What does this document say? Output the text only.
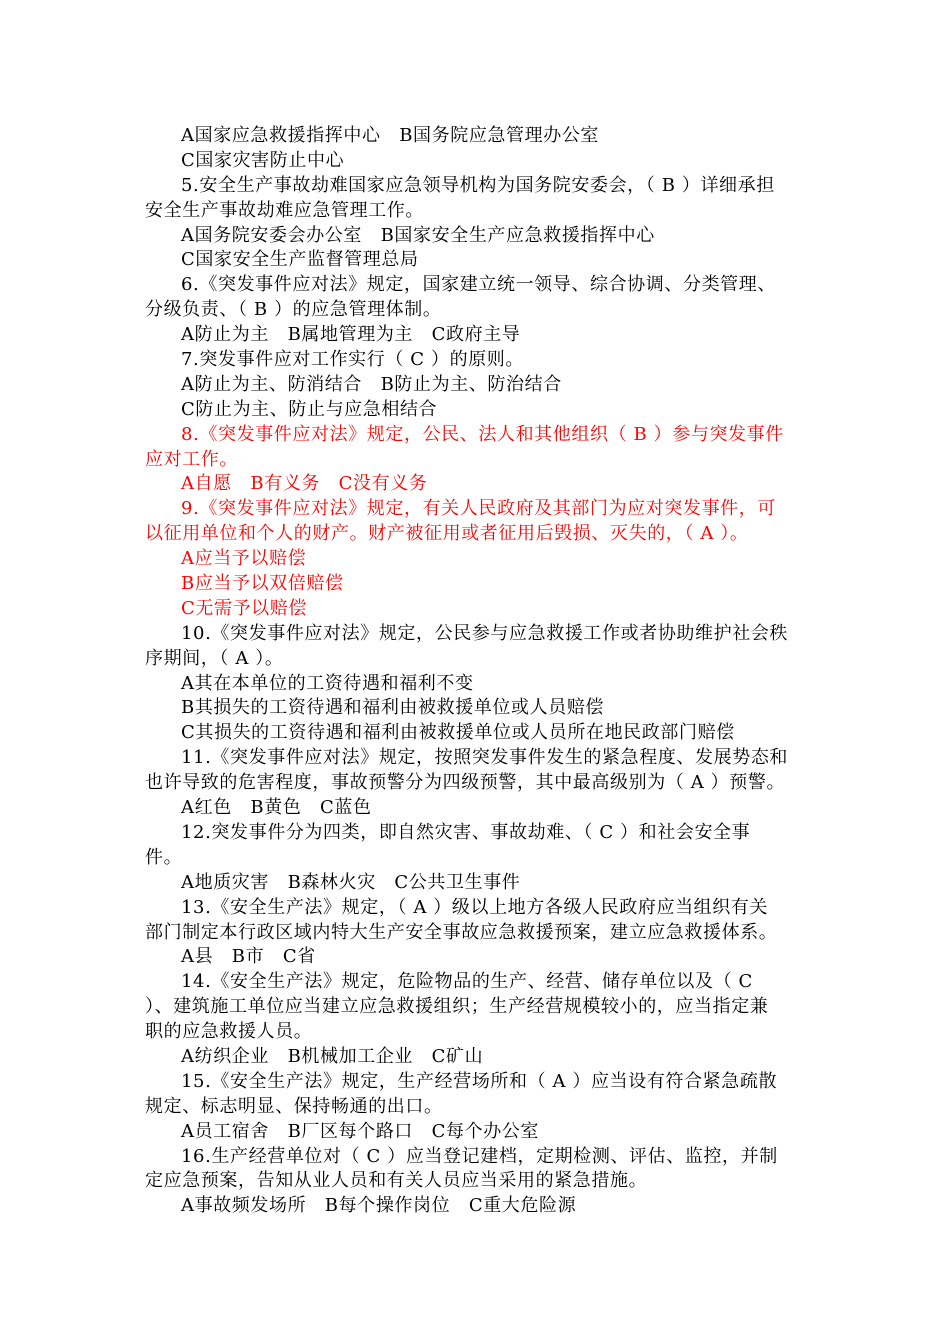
A国家应急救援指挥中心　B国务院应急管理办公室
C国家灾害防止中心
5.安全生产事故劫难国家应急领导机构为国务院安委会，（ B ）详细承担
安全生产事故劫难应急管理工作。
A国务院安委会办公室　B国家安全生产应急救援指挥中心
C国家安全生产监督管理总局
6.《突发事件应对法》规定，国家建立统一领导、综合协调、分类管理、
分级负责、（ B ）的应急管理体制。
A防止为主　B属地管理为主　C政府主导
7.突发事件应对工作实行（ C ）的原则。
A防止为主、防消结合　B防止为主、防治结合
C防止为主、防止与应急相结合
8.《突发事件应对法》规定，公民、法人和其他组织（ B ）参与突发事件
应对工作。
A自愿　B有义务　C没有义务
9.《突发事件应对法》规定，有关人民政府及其部门为应对突发事件，可
以征用单位和个人的财产。财产被征用或者征用后毁损、灭失的，（ A ）。
A应当予以赔偿
B应当予以双倍赔偿
C无需予以赔偿
10.《突发事件应对法》规定，公民参与应急救援工作或者协助维护社会秩
序期间，（ A ）。
A其在本单位的工资待遇和福利不变
B其损失的工资待遇和福利由被救援单位或人员赔偿
C其损失的工资待遇和福利由被救援单位或人员所在地民政部门赔偿
11.《突发事件应对法》规定，按照突发事件发生的紧急程度、发展势态和
也许导致的危害程度，事故预警分为四级预警，其中最高级别为（ A ）预警。
A红色　B黄色　C蓝色
12.突发事件分为四类，即自然灾害、事故劫难、（ C ）和社会安全事
件。
A地质灾害　B森林火灾　C公共卫生事件
13.《安全生产法》规定，（ A ）级以上地方各级人民政府应当组织有关
部门制定本行政区域内特大生产安全事故应急救援预案，建立应急救援体系。
A县　B市　C省
14.《安全生产法》规定，危险物品的生产、经营、储存单位以及（ C
）、建筑施工单位应当建立应急救援组织；生产经营规模较小的，应当指定兼
职的应急救援人员。
A纺织企业　B机械加工企业　C矿山
15.《安全生产法》规定，生产经营场所和（ A ）应当设有符合紧急疏散
规定、标志明显、保持畅通的出口。
A员工宿舍　B厂区每个路口　C每个办公室
16.生产经营单位对（ C ）应当登记建档，定期检测、评估、监控，并制
定应急预案，告知从业人员和有关人员应当采用的紧急措施。
A事故频发场所　B每个操作岗位　C重大危险源
